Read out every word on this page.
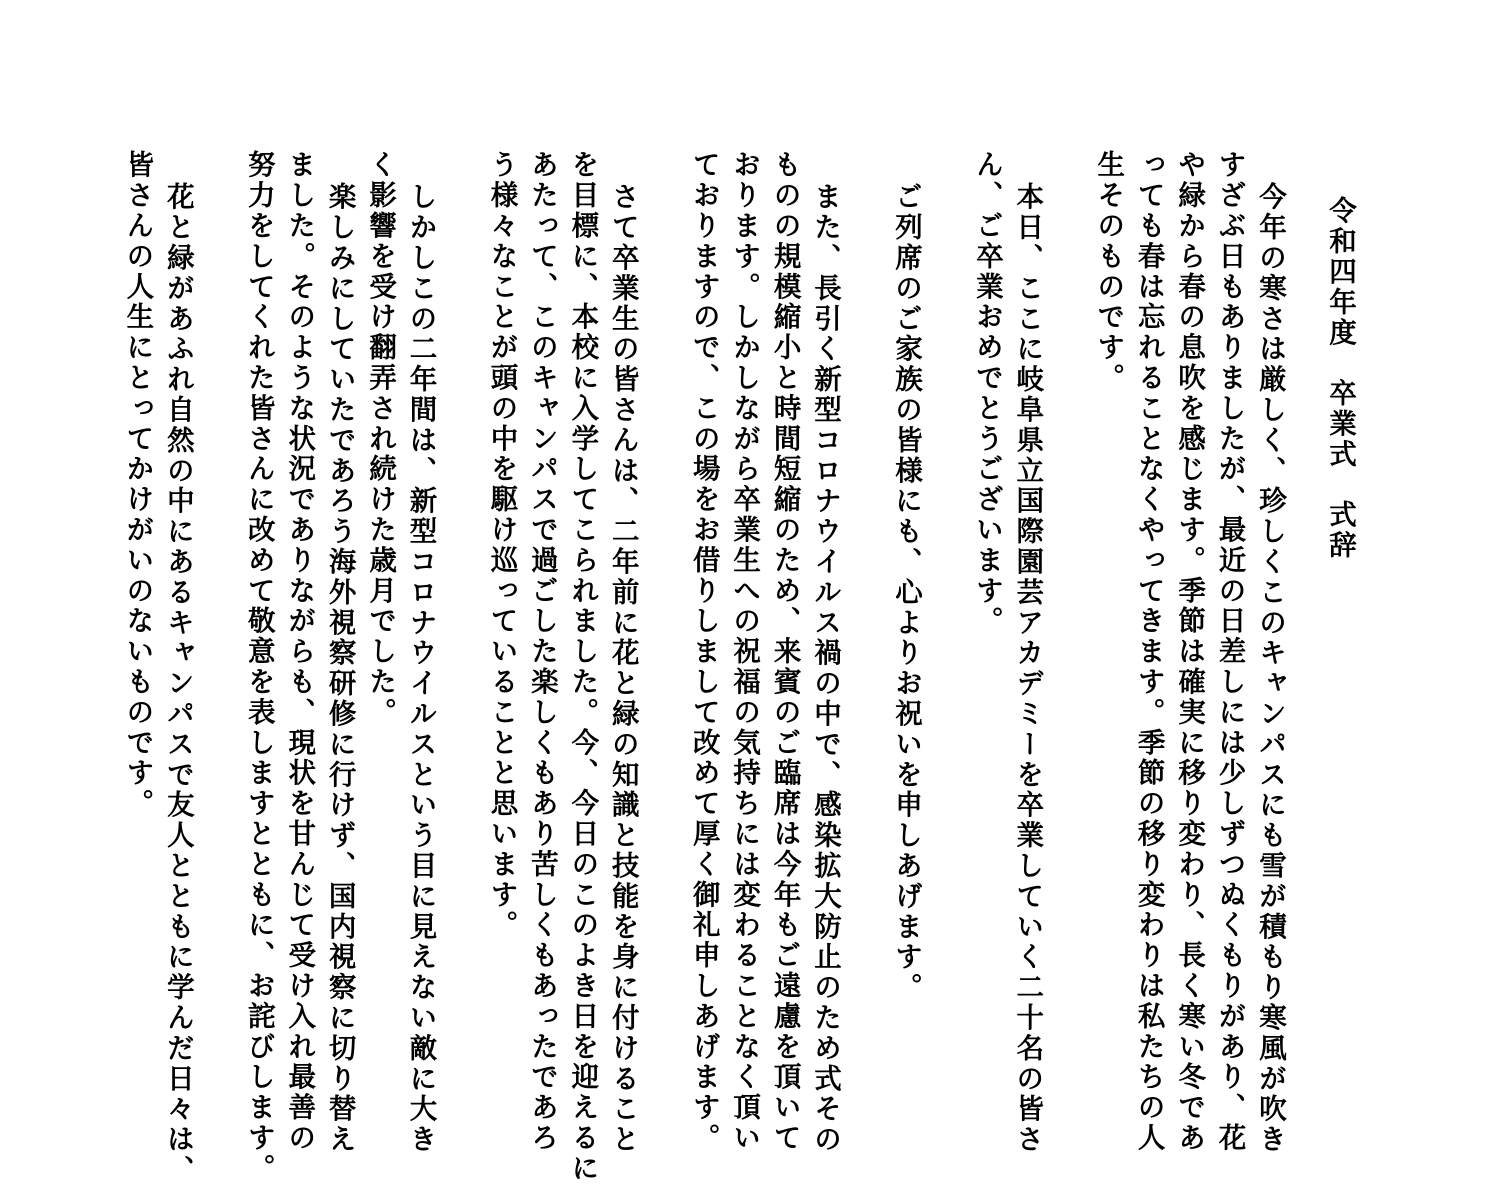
令和四年度　卒業式　式辞
今年の寒さは厳しく、珍しくこのキャンパスにも雪が積もり寒風が吹き
すざぶ日もありましたが、最近の日差しには少しずつぬくもりがあり、花
や緑から春の息吹を感じます。季節は確実に移り変わり、長く寒い冬であ
っても春は忘れることなくやってきます。季節の移り変わりは私たちの人
生そのものです。
本日、ここに岐阜県立国際園芸アカデミーを卒業していく二十名の皆さ
ん、ご卒業おめでとうございます。
ご列席のご家族の皆様にも、心よりお祝いを申しあげます。
また、長引く新型コロナウイルス禍の中で、感染拡大防止のため式その
ものの規模縮小と時間短縮のため、来賓のご臨席は今年もご遠慮を頂いて
おります。しかしながら卒業生への祝福の気持ちには変わることなく頂い
ておりますので、この場をお借りしまして改めて厚く御礼申しあげます。
さて卒業生の皆さんは、二年前に花と緑の知識と技能を身に付けること
を目標に、本校に入学してこられました。今、今日のこのよき日を迎えるに
あたって、このキャンパスで過ごした楽しくもあり苦しくもあったであろ
う様々なことが頭の中を駆け巡っていることと思います。
しかしこの二年間は、新型コロナウイルスという目に見えない敵に大き
く影響を受け翻弄され続けた歳月でした。
楽しみにしていたであろう海外視察研修に行けず、国内視察に切り替え
ました。そのような状況でありながらも、現状を甘んじて受け入れ最善の
努力をしてくれた皆さんに改めて敬意を表しますとともに、お詫びします。
花と緑があふれ自然の中にあるキャンパスで友人とともに学んだ日々は、
皆さんの人生にとってかけがいのないものです。
